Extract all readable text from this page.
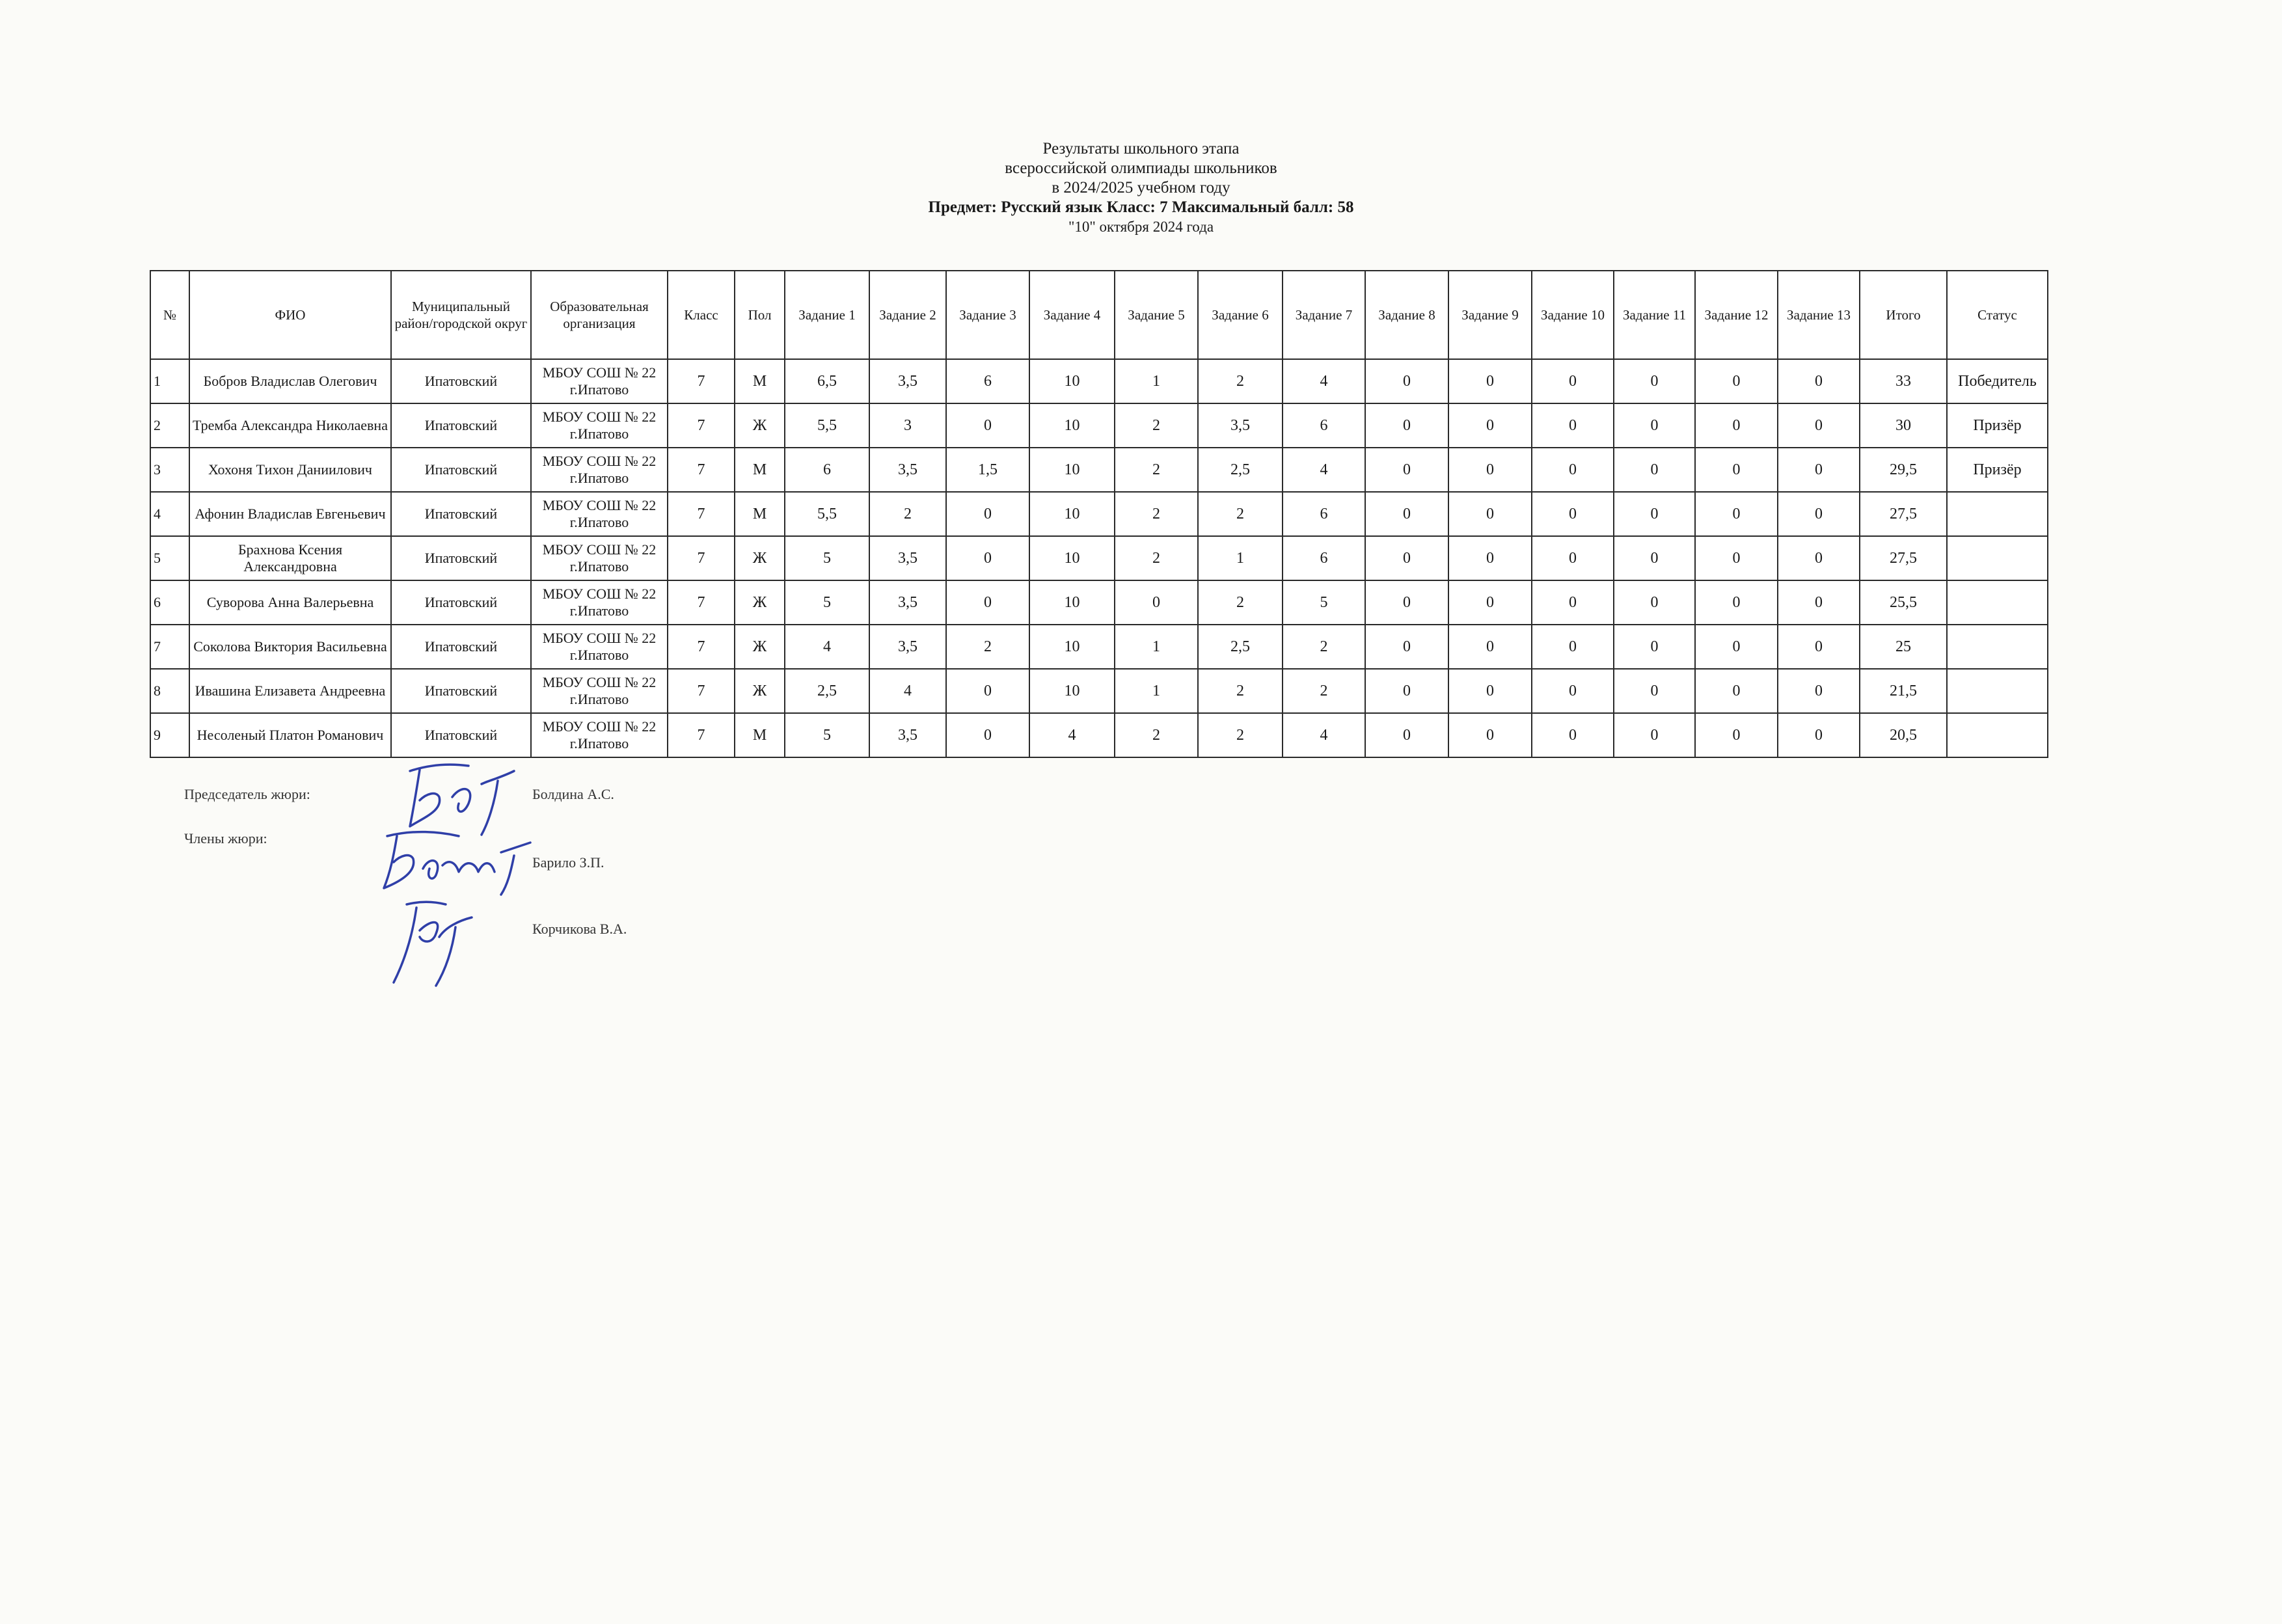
Результаты школьного этапа
всероссийской олимпиады школьников
в 2024/2025 учебном году
Предмет: Русский язык Класс: 7 Максимальный балл: 58
"10" октября 2024 года
№	ФИО	Муниципальный район/городской округ	Образовательная организация	Класс	Пол	Задание 1	Задание 2	Задание 3	Задание 4	Задание 5	Задание 6	Задание 7	Задание 8	Задание 9	Задание 10	Задание 11	Задание 12	Задание 13	Итого	Статус
1	Бобров Владислав Олегович	Ипатовский	МБОУ СОШ № 22 г.Ипатово	7	М	6,5	3,5	6	10	1	2	4	0	0	0	0	0	0	33	Победитель
2	Тремба Александра Николаевна	Ипатовский	МБОУ СОШ № 22 г.Ипатово	7	Ж	5,5	3	0	10	2	3,5	6	0	0	0	0	0	0	30	Призёр
3	Хохоня Тихон Даниилович	Ипатовский	МБОУ СОШ № 22 г.Ипатово	7	М	6	3,5	1,5	10	2	2,5	4	0	0	0	0	0	0	29,5	Призёр
4	Афонин Владислав Евгеньевич	Ипатовский	МБОУ СОШ № 22 г.Ипатово	7	М	5,5	2	0	10	2	2	6	0	0	0	0	0	0	27,5	
5	Брахнова Ксения Александровна	Ипатовский	МБОУ СОШ № 22 г.Ипатово	7	Ж	5	3,5	0	10	2	1	6	0	0	0	0	0	0	27,5	
6	Суворова Анна Валерьевна	Ипатовский	МБОУ СОШ № 22 г.Ипатово	7	Ж	5	3,5	0	10	0	2	5	0	0	0	0	0	0	25,5	
7	Соколова Виктория Васильевна	Ипатовский	МБОУ СОШ № 22 г.Ипатово	7	Ж	4	3,5	2	10	1	2,5	2	0	0	0	0	0	0	25	
8	Ивашина Елизавета Андреевна	Ипатовский	МБОУ СОШ № 22 г.Ипатово	7	Ж	2,5	4	0	10	1	2	2	0	0	0	0	0	0	21,5	
9	Несоленый Платон Романович	Ипатовский	МБОУ СОШ № 22 г.Ипатово	7	М	5	3,5	0	4	2	2	4	0	0	0	0	0	0	20,5	
Председатель жюри:	Болдина А.С.
Члены жюри:
Барило З.П.
Корчикова В.А.
